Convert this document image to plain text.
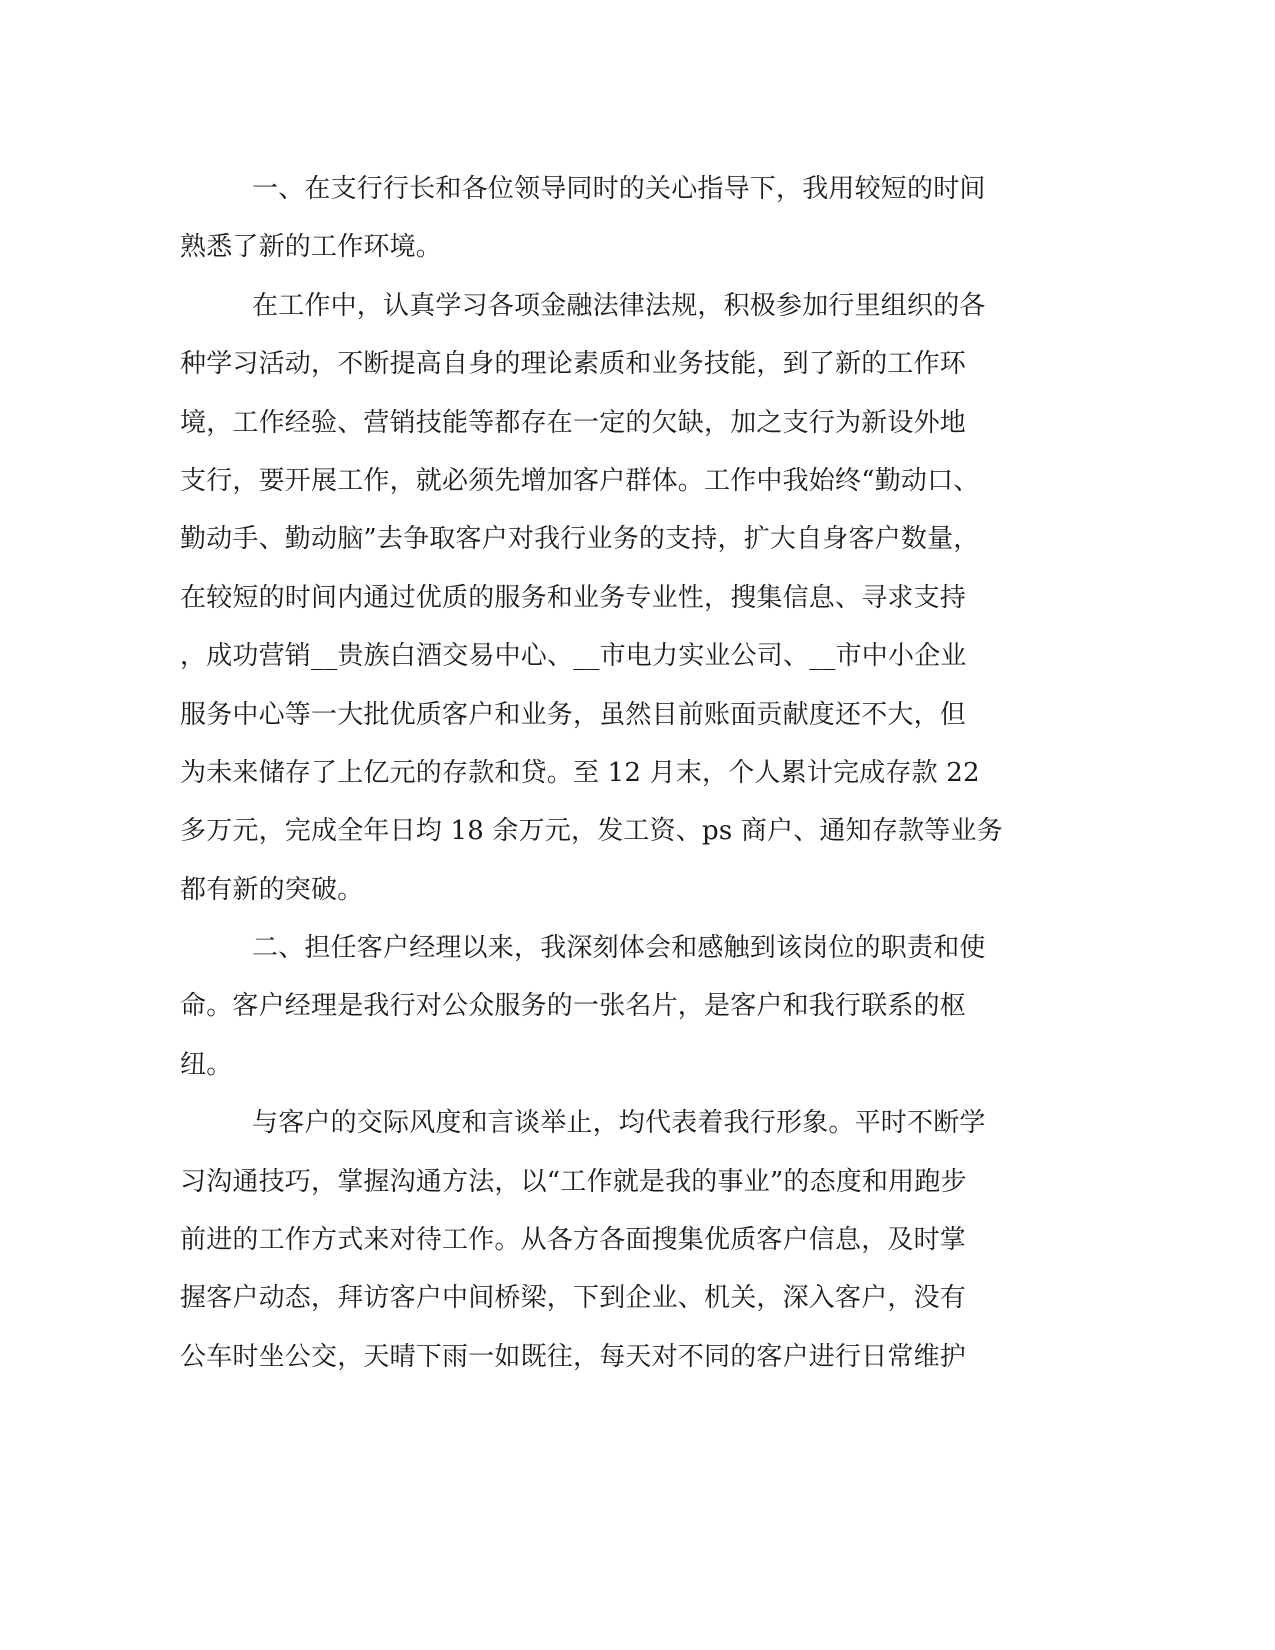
一、在支行行长和各位领导同时的关心指导下，我用较短的时间
熟悉了新的工作环境。
在工作中，认真学习各项金融法律法规，积极参加行里组织的各
种学习活动，不断提高自身的理论素质和业务技能，到了新的工作环
境，工作经验、营销技能等都存在一定的欠缺，加之支行为新设外地
支行，要开展工作，就必须先增加客户群体。工作中我始终“勤动口、
勤动手、勤动脑”去争取客户对我行业务的支持，扩大自身客户数量，
在较短的时间内通过优质的服务和业务专业性，搜集信息、寻求支持
，成功营销__贵族白酒交易中心、__市电力实业公司、__市中小企业
服务中心等一大批优质客户和业务，虽然目前账面贡献度还不大，但
为未来储存了上亿元的存款和贷。至 12 月末，个人累计完成存款 22
多万元，完成全年日均 18 余万元，发工资、ps 商户、通知存款等业务
都有新的突破。
二、担任客户经理以来，我深刻体会和感触到该岗位的职责和使
命。客户经理是我行对公众服务的一张名片，是客户和我行联系的枢
纽。
与客户的交际风度和言谈举止，均代表着我行形象。平时不断学
习沟通技巧，掌握沟通方法，以“工作就是我的事业”的态度和用跑步
前进的工作方式来对待工作。从各方各面搜集优质客户信息，及时掌
握客户动态，拜访客户中间桥梁，下到企业、机关，深入客户，没有
公车时坐公交，天晴下雨一如既往，每天对不同的客户进行日常维护
